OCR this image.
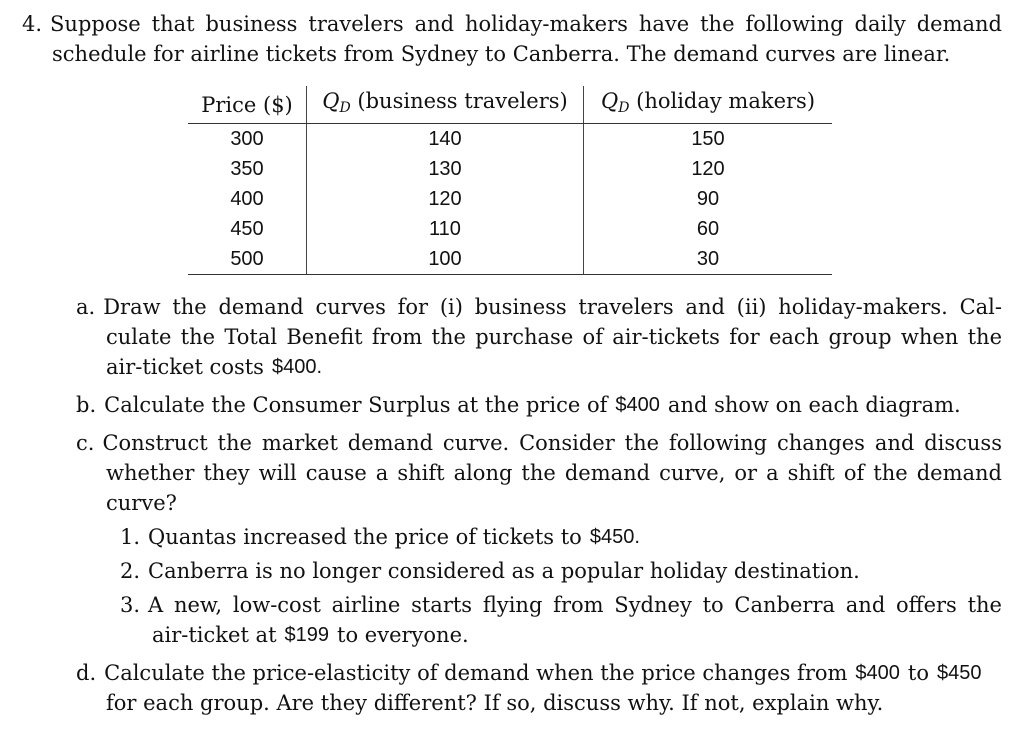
4. Suppose that business travelers and holiday-makers have the following daily demand
schedule for airline tickets from Sydney to Canberra. The demand curves are linear.
Price ($)	$Q_D$ (business travelers)	$Q_D$ (holiday makers)
300	140	150
350	130	120
400	120	90
450	110	60
500	100	30
a. Draw the demand curves for (i) business travelers and (ii) holiday-makers. Cal-
culate the Total Benefit from the purchase of air-tickets for each group when the
air-ticket costs $400.
b. Calculate the Consumer Surplus at the price of $400 and show on each diagram.
c. Construct the market demand curve. Consider the following changes and discuss
whether they will cause a shift along the demand curve, or a shift of the demand
curve?
1. Quantas increased the price of tickets to $450.
2. Canberra is no longer considered as a popular holiday destination.
3. A new, low-cost airline starts flying from Sydney to Canberra and offers the
air-ticket at $199 to everyone.
d. Calculate the price-elasticity of demand when the price changes from $400 to $450
for each group. Are they different? If so, discuss why. If not, explain why.
